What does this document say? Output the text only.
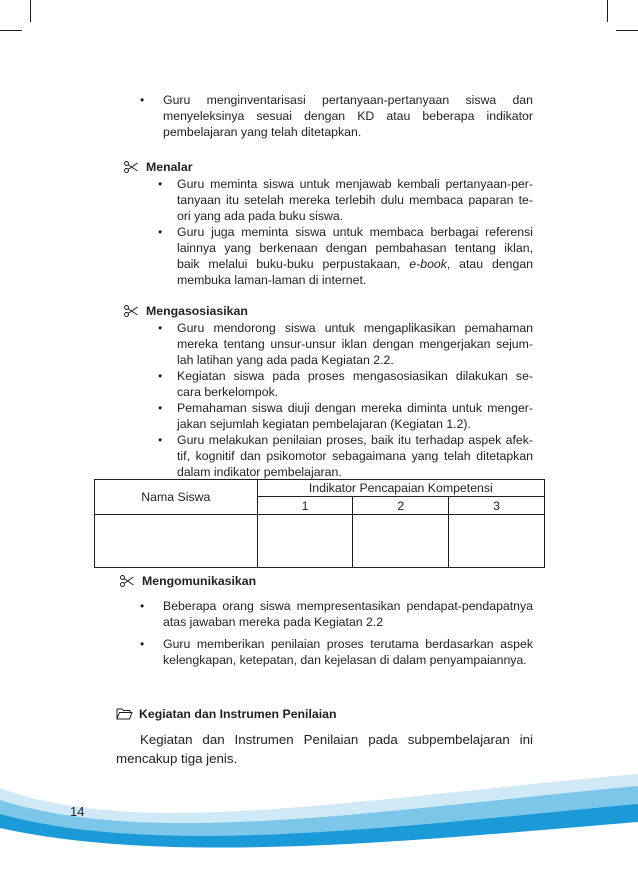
• Guru menginventarisasi pertanyaan-pertanyaan siswa dan
menyeleksinya sesuai dengan KD atau beberapa indikator
pembelajaran yang telah ditetapkan.
Menalar
• Guru meminta siswa untuk menjawab kembali pertanyaan-per-
tanyaan itu setelah mereka terlebih dulu membaca paparan te-
ori yang ada pada buku siswa.
• Guru juga meminta siswa untuk membaca berbagai referensi
lainnya yang berkenaan dengan pembahasan tentang iklan,
baik melalui buku-buku perpustakaan, e-book, atau dengan
membuka laman-laman di internet.
Mengasosiasikan
• Guru mendorong siswa untuk mengaplikasikan pemahaman
mereka tentang unsur-unsur iklan dengan mengerjakan sejum-
lah latihan yang ada pada Kegiatan 2.2.
• Kegiatan siswa pada proses mengasosiasikan dilakukan se-
cara berkelompok.
• Pemahaman siswa diuji dengan mereka diminta untuk menger-
jakan sejumlah kegiatan pembelajaran (Kegiatan 1.2).
• Guru melakukan penilaian proses, baik itu terhadap aspek afek-
tif, kognitif dan psikomotor sebagaimana yang telah ditetapkan
dalam indikator pembelajaran.
Nama Siswa	Indikator Pencapaian Kompetensi		
	1	2	3

Mengomunikasikan
• Beberapa orang siswa mempresentasikan pendapat-pendapatnya
atas jawaban mereka pada Kegiatan 2.2
• Guru memberikan penilaian proses terutama berdasarkan aspek
kelengkapan, ketepatan, dan kejelasan di dalam penyampaiannya.
Kegiatan dan Instrumen Penilaian
Kegiatan dan Instrumen Penilaian pada subpembelajaran ini
mencakup tiga jenis.
14
